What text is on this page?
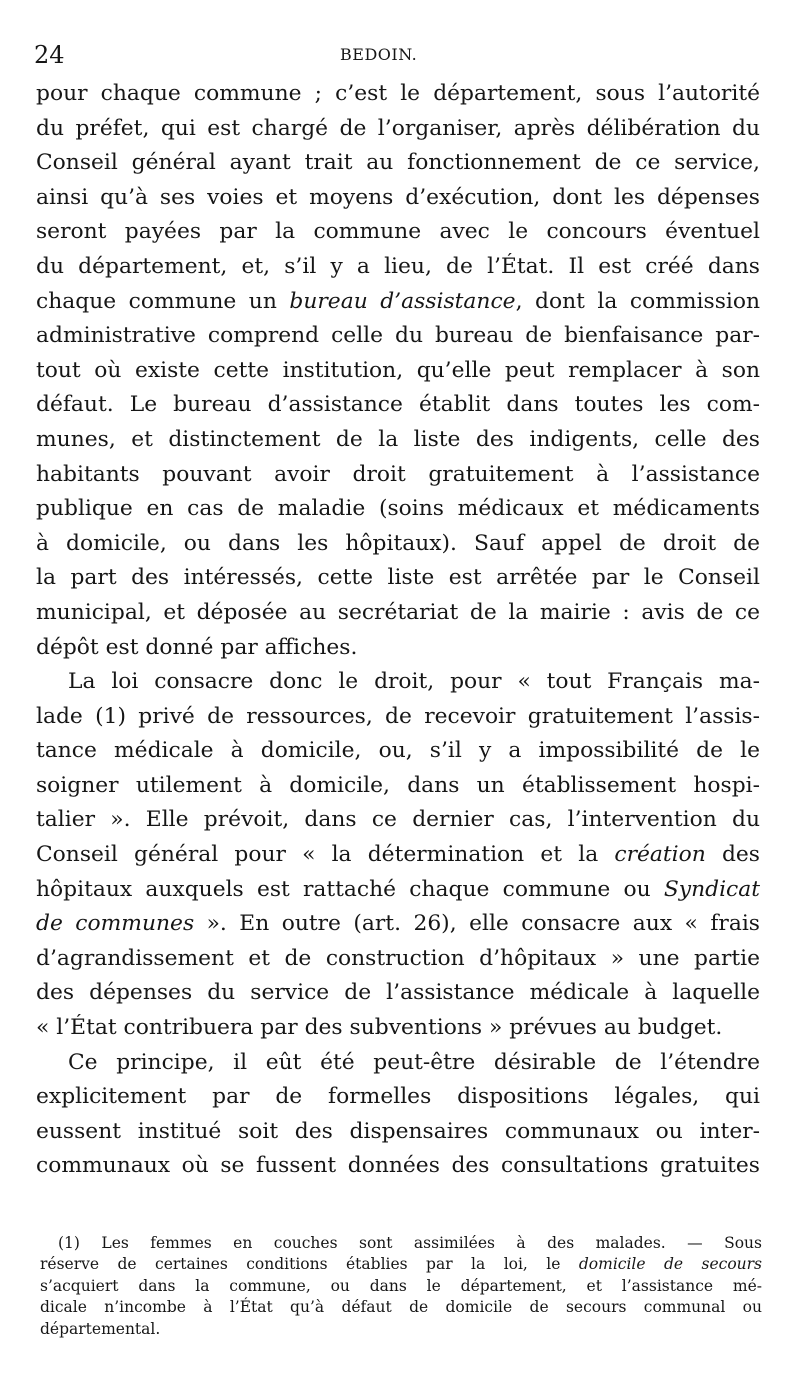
24	BEDOIN.
pour chaque commune ; c’est le département, sous l’autorité
du préfet, qui est chargé de l’organiser, après délibération du
Conseil général ayant trait au fonctionnement de ce service,
ainsi qu’à ses voies et moyens d’exécution, dont les dépenses
seront payées par la commune avec le concours éventuel
du département, et, s’il y a lieu, de l’État. Il est créé dans
chaque commune un bureau d’assistance, dont la commission
administrative comprend celle du bureau de bienfaisance par-
tout où existe cette institution, qu’elle peut remplacer à son
défaut. Le bureau d’assistance établit dans toutes les com-
munes, et distinctement de la liste des indigents, celle des
habitants pouvant avoir droit gratuitement à l’assistance
publique en cas de maladie (soins médicaux et médicaments
à domicile, ou dans les hôpitaux). Sauf appel de droit de
la part des intéressés, cette liste est arrêtée par le Conseil
municipal, et déposée au secrétariat de la mairie : avis de ce
dépôt est donné par affiches.
La loi consacre donc le droit, pour « tout Français ma-
lade (1) privé de ressources, de recevoir gratuitement l’assis-
tance médicale à domicile, ou, s’il y a impossibilité de le
soigner utilement à domicile, dans un établissement hospi-
talier ». Elle prévoit, dans ce dernier cas, l’intervention du
Conseil général pour « la détermination et la création des
hôpitaux auxquels est rattaché chaque commune ou Syndicat
de communes ». En outre (art. 26), elle consacre aux « frais
d’agrandissement et de construction d’hôpitaux » une partie
des dépenses du service de l’assistance médicale à laquelle
« l’État contribuera par des subventions » prévues au budget.
Ce principe, il eût été peut-être désirable de l’étendre
explicitement par de formelles dispositions légales, qui
eussent institué soit des dispensaires communaux ou inter-
communaux où se fussent données des consultations gratuites
(1) Les femmes en couches sont assimilées à des malades. — Sous
réserve de certaines conditions établies par la loi, le domicile de secours
s’acquiert dans la commune, ou dans le département, et l’assistance mé-
dicale n’incombe à l’État qu’à défaut de domicile de secours communal ou
départemental.
